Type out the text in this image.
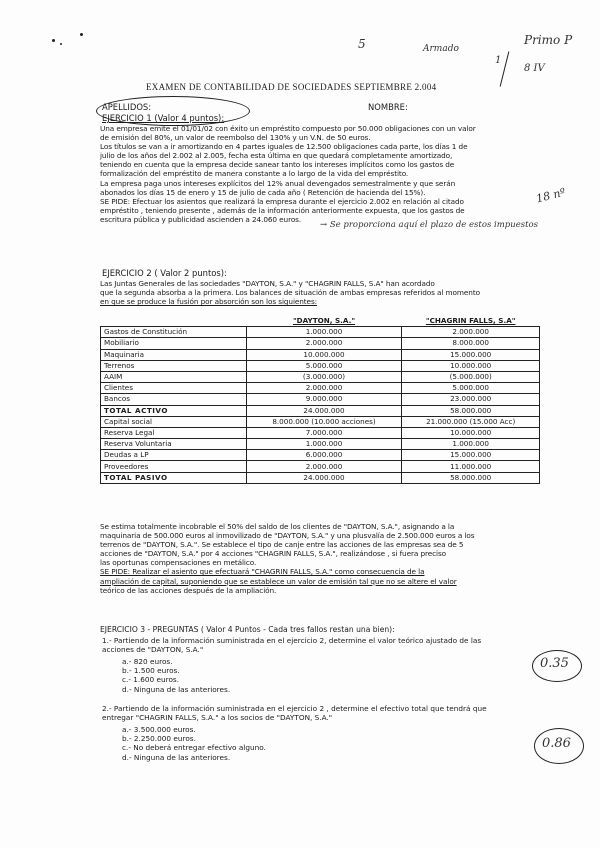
5	Armado
Primo P
1
8 IV
EXAMEN DE CONTABILIDAD DE SOCIEDADES SEPTIEMBRE 2.004
APELLIDOS:	NOMBRE:
EJERCICIO 1 (Valor 4 puntos):
18 nº
Una empresa emite el 01/01/02 con éxito un empréstito compuesto por 50.000 obligaciones con un valor
de emisión del 80%, un valor de reembolso del 130% y un V.N. de 50 euros.
Los títulos se van a ir amortizando en 4 partes iguales de 12.500 obligaciones cada parte, los días 1 de
julio de los años del 2.002 al 2.005, fecha esta última en que quedará completamente amortizado,
teniendo en cuenta que la empresa decide sanear tanto los intereses implícitos como los gastos de
formalización del empréstito de manera constante a lo largo de la vida del empréstito.
La empresa paga unos intereses explícitos del 12% anual devengados semestralmente y que serán
abonados los días 15 de enero y 15 de julio de cada año ( Retención de hacienda del 15%).
SE PIDE: Efectuar los asientos que realizará la empresa durante el ejercicio 2.002 en relación al citado
empréstito , teniendo presente , además de la información anteriormente expuesta, que los gastos de
escritura pública y publicidad ascienden a 24.060 euros.
→ Se proporciona aquí el plazo de estos impuestos
EJERCICIO 2 ( Valor 2 puntos):
Las Juntas Generales de las sociedades "DAYTON, S.A." y "CHAGRIN FALLS, S.A" han acordado
que la segunda absorba a la primera. Los balances de situación de ambas empresas referidos al momento
en que se produce la fusión por absorción son los siguientes:
	"DAYTON, S.A."	"CHAGRIN FALLS, S.A"
Gastos de Constitución	1.000.000	2.000.000
Mobiliario	2.000.000	8.000.000
Maquinaria	10.000.000	15.000.000
Terrenos	5.000.000	10.000.000
AAIM	(3.000.000)	(5.000.000)
Clientes	2.000.000	5.000.000
Bancos	9.000.000	23.000.000
TOTAL ACTIVO	24.000.000	58.000.000
Capital social	8.000.000 (10.000 acciones)	21.000.000 (15.000 Acc)
Reserva Legal	7.000.000	10.000.000
Reserva Voluntaria	1.000.000	1.000.000
Deudas a LP	6.000.000	15.000.000
Proveedores	2.000.000	11.000.000
TOTAL PASIVO	24.000.000	58.000.000
Se estima totalmente incobrable el 50% del saldo de los clientes de "DAYTON, S.A.", asignando a la
maquinaria de 500.000 euros al inmovilizado de "DAYTON, S.A." y una plusvalía de 2.500.000 euros a los
terrenos de "DAYTON, S.A.". Se establece el tipo de canje entre las acciones de las empresas sea de 5
acciones de "DAYTON, S.A." por 4 acciones "CHAGRIN FALLS, S.A.", realizándose , si fuera preciso
las oportunas compensaciones en metálico.
SE PIDE: Realizar el asiento que efectuará "CHAGRIN FALLS, S.A." como consecuencia de la
ampliación de capital, suponiendo que se establece un valor de emisión tal que no se altere el valor
teórico de las acciones después de la ampliación.
EJERCICIO 3 - PREGUNTAS ( Valor 4 Puntos - Cada tres fallos restan una bien):
1.- Partiendo de la información suministrada en el ejercicio 2, determine el valor teórico ajustado de las
acciones de "DAYTON, S.A."
a.- 820 euros.
b.- 1.500 euros.
c.- 1.600 euros.
d.- Ninguna de las anteriores.
0.35
2.- Partiendo de la información suministrada en el ejercicio 2 , determine el efectivo total que tendrá que
entregar "CHAGRIN FALLS, S.A." a los socios de "DAYTON, S.A."
a.- 3.500.000 euros.
b.- 2.250.000 euros.
c.- No deberá entregar efectivo alguno.
d.- Ninguna de las anteriores.
0.86
